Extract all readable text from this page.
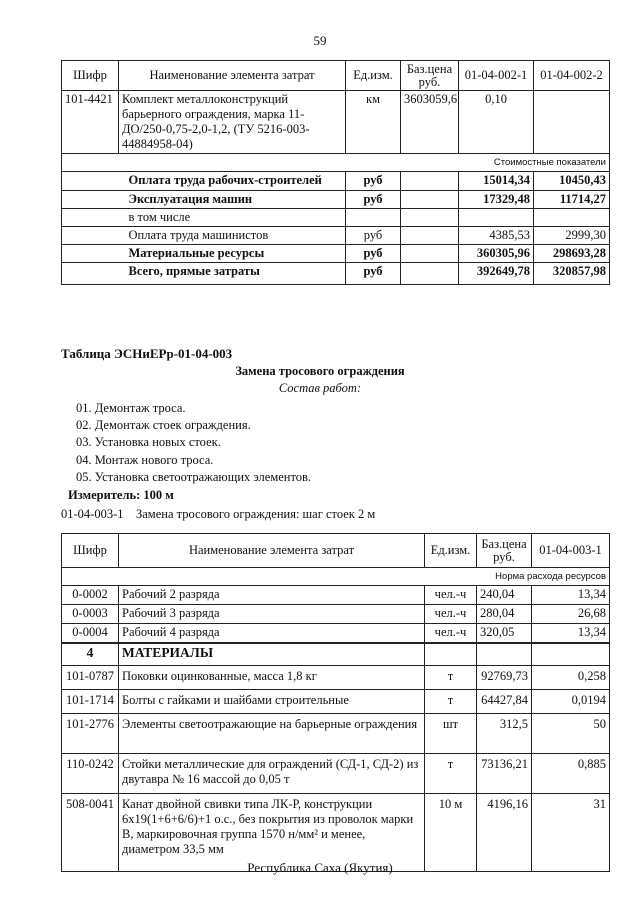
59
Шифр	Наименование элемента затрат	Ед.изм.	Баз.цена руб.	01-04-002-1	01-04-002-2
101-4421	Комплект металлоконструкций барьерного ограждения, марка 11-ДО/250-0,75-2,0-1,2, (ТУ 5216-003-44884958-04)	км	3603059,6	0,10	
Стоимостные показатели					
	Оплата труда рабочих-строителей	руб		15014,34	10450,43
	Эксплуатация машин	руб		17329,48	11714,27
	в том числе				
	Оплата труда машинистов	руб		4385,53	2999,30
	Материальные ресурсы	руб		360305,96	298693,28
	Всего, прямые затраты	руб		392649,78	320857,98
Таблица ЭСНиЕРр-01-04-003
Замена тросового ограждения
Состав работ:
01. Демонтаж троса.
02. Демонтаж стоек ограждения.
03. Установка новых стоек.
04. Монтаж нового троса.
05. Установка светоотражающих элементов.
Измеритель: 100 м
01-04-003-1    Замена тросового ограждения: шаг стоек 2 м
Шифр	Наименование элемента затрат	Ед.изм.	Баз.цена руб.	01-04-003-1
Норма расхода ресурсов				
0-0002	Рабочий 2 разряда	чел.-ч	240,04	13,34
0-0003	Рабочий 3 разряда	чел.-ч	280,04	26,68
0-0004	Рабочий 4 разряда	чел.-ч	320,05	13,34
4	МАТЕРИАЛЫ			
101-0787	Поковки оцинкованные, масса 1,8 кг	т	92769,73	0,258
101-1714	Болты с гайками и шайбами строительные	т	64427,84	0,0194
101-2776	Элементы светоотражающие на барьерные ограждения	шт	312,5	50
110-0242	Стойки металлические для ограждений (СД-1, СД-2) из двутавра № 16 массой до 0,05 т	т	73136,21	0,885
508-0041	Канат двойной свивки типа ЛК-Р, конструкции 6х19(1+6+6/6)+1 о.с., без покрытия из проволок марки В, маркировочная группа 1570 н/мм² и менее, диаметром 33,5 мм	10 м	4196,16	31
Республика Саха (Якутия)
